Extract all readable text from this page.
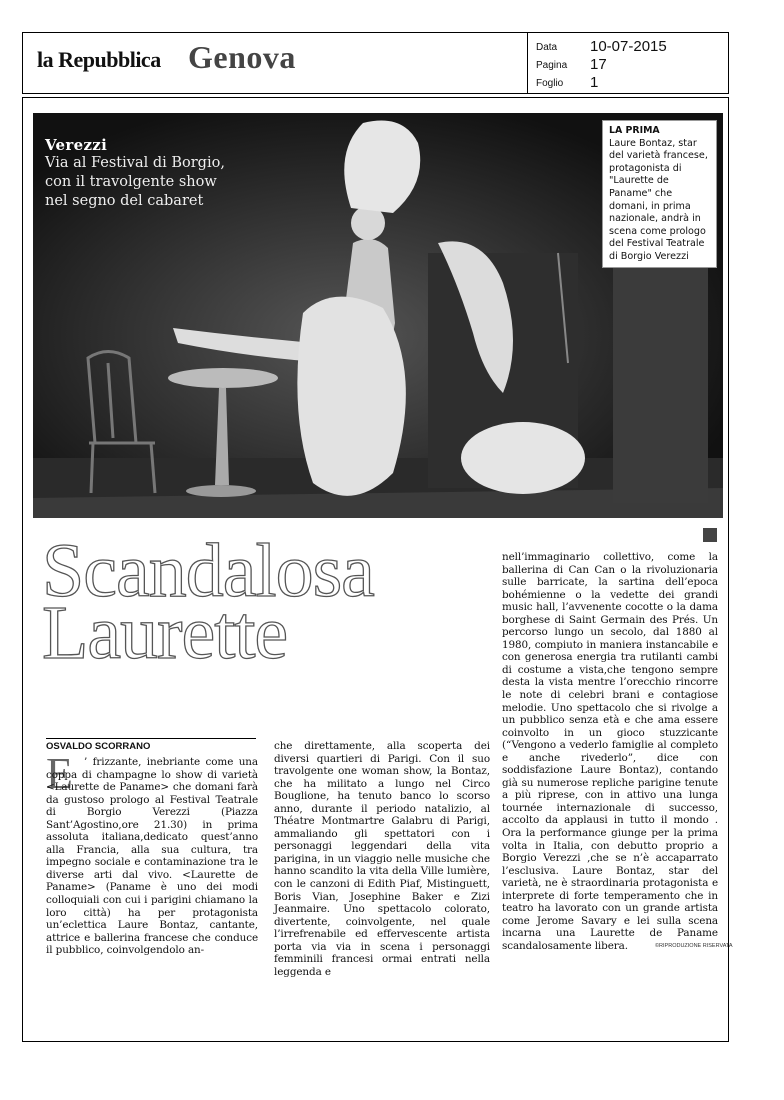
la Repubblica Genova	Data 10-07-2015
Pagina 17
Foglio 1
Verezzi
Via al Festival di Borgio,
con il travolgente show
nel segno del cabaret
LA PRIMA
Laure Bontaz, star del varietà francese, protagonista di "Laurette de Paname" che domani, in prima nazionale, andrà in scena come prologo del Festival Teatrale di Borgio Verezzi
Scandalosa
Laurette
OSVALDO SCORRANO
E	’ frizzante, inebriante come una coppa di champagne lo show di varietà <Laurette de Paname> che domani farà da gustoso prologo al Festival Teatrale di Borgio Verezzi (Piazza Sant’Agostino,ore 21.30) in prima assoluta italiana,dedicato quest’anno alla Francia, alla sua cultura, tra impegno sociale e contaminazione tra le diverse arti dal vivo. <Laurette de Paname> (Paname è uno dei modi colloquiali con cui i parigini chiamano la loro città) ha per protagonista un’eclettica Laure Bontaz, cantante, attrice e ballerina francese che conduce il pubblico, coinvolgendolo an-
che direttamente, alla scoperta dei diversi quartieri di Parigi. Con il suo travolgente one woman show, la Bontaz, che ha militato a lungo nel Circo Bouglione, ha tenuto banco lo scorso anno, durante il periodo natalizio, al Théatre Montmartre Galabru di Parigi, ammaliando gli spettatori con i personaggi leggendari della vita parigina, in un viaggio nelle musiche che hanno scandito la vita della Ville lumière, con le canzoni di Edith Piaf, Mistinguett, Boris Vian, Josephine Baker e Zizi Jeanmaire. Uno spettacolo colorato, divertente, coinvolgente, nel quale l’irrefrenabile ed effervescente artista porta via via in scena i personaggi femminili francesi ormai entrati nella leggenda e
nell’immaginario collettivo, come la ballerina di Can Can o la rivoluzionaria sulle barricate, la sartina dell’epoca bohémienne o la vedette dei grandi music hall, l’avvenente cocotte o la dama borghese di Saint Germain des Prés. Un percorso lungo un secolo, dal 1880 al 1980, compiuto in maniera instancabile e con generosa energia tra rutilanti cambi di costume a vista,che tengono sempre desta la vista mentre l’orecchio rincorre le note di celebri brani e contagiose melodie. Uno spettacolo che si rivolge a un pubblico senza età e che ama essere coinvolto in un gioco stuzzicante (“Vengono a vederlo famiglie al completo e anche rivederlo”, dice con soddisfazione Laure Bontaz), contando già su numerose repliche parigine tenute a più riprese, con in attivo una lunga tournée internazionale di successo, accolto da applausi in tutto il mondo . Ora la performance giunge per la prima volta in Italia, con debutto proprio a Borgio Verezzi ,che se n’è accaparrato l’esclusiva. Laure Bontaz, star del varietà, ne è straordinaria protagonista e interprete di forte temperamento che in teatro ha lavorato con un grande artista come Jerome Savary e lei sulla scena incarna una Laurette de Paname scandalosamente libera.	©RIPRODUZIONE RISERVATA
